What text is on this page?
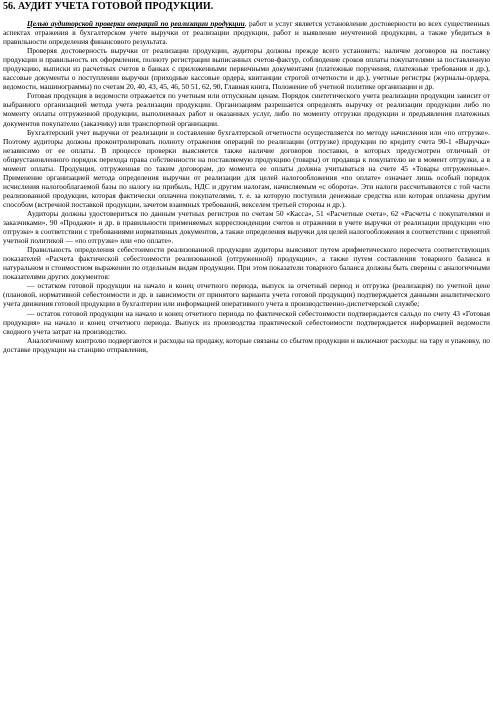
56. АУДИТ УЧЕТА ГОТОВОЙ ПРОДУКЦИИ.

Целью аудиторской проверки операций по реализации продукции, работ и услуг является установление достоверности во всех существенных аспектах отражения в бухгалтерском учете выручки от реализации продукции, работ и выявление неучтенной продукции, а также убедиться в правильности определения финансового результата.

Проверяя достоверность выручки от реализации продукции, аудиторы должны прежде всего установить: наличие договоров на поставку продукции и правильность их оформления, полноту регистрации выписанных счетов-фактур, соблюдение сроков оплаты покупателями за поставленную продукцию, выписки из расчетных счетов в банках с приложенными первичными документами (платежные поручения, платежные требования и др.), кассовые документы о поступлении выручки (приходные кассовые ордера, квитанции строгой отчетности и др.), учетные регистры (журналы-ордера, ведомости, машинограммы) по счетам 20, 40, 43, 45, 46, 50 51, 62, 90, Главная книга, Положение об учетной политике организации и др.

Готовая продукция в ведомости отражается по учетным или отпускным ценам. Порядок синтетического учета реализации продукции зависит от выбранного организацией метода учета реализации продукции. Организациям разрешается определять выручку от реализации продукции либо по моменту оплаты отгруженной продукции, выполненных работ и оказанных услуг, либо по моменту отгрузки продукции и предъявления платежных документов покупателю (заказчику) или транспортной организации.

Бухгалтерский учет выручки от реализации и составление бухгалтерской отчетности осуществляется по методу начисления или «по отгрузке». Поэтому аудиторы должны проконтролировать полноту отражения операций по реализации (отгрузке) продукции по кредиту счета 90-1 «Выручка» независимо от ее оплаты. В процессе проверки выясняется также наличие договоров поставки, в которых предусмотрен отличный от общеустановленного порядок перехода права собственности на поставляемую продукцию (товары) от продавца к покупателю не в момент отгрузки, а в момент оплаты. Продукция, отгруженная по таким договорам, до момента ее оплаты должна учитываться на счете 45 «Товары отгруженные». Применение организацией метода определения выручки от реализации для целей налогообложения «по оплате» означает лишь особый порядок исчисления налогооблагаемой базы по налогу на прибыль, НДС и другим налогам, начисляемым «с оборота». Эти налоги рассчитываются с той части реализованной продукции, которая фактически оплачена покупателями, т. е. за которую поступили денежные средства или которая оплачена другим способом (встречной поставкой продукции, зачетом взаимных требований, векселем третьей стороны и др.).

Аудиторы должны удостовериться по данным учетных регистров по счетам 50 «Касса», 51 «Расчетные счета», 62 «Расчеты с покупателями и заказчиками», 90 «Продажи» и др. в правильности применяемых корреспонденции счетов и отражения в учете выручки от реализации продукции «по отгрузке» в соответствии с требованиями нормативных документов, а также определения выручки для целей налогообложения в соответствии с принятой учетной политикой — «по отгрузке» или «по оплате».

Правильность определения себестоимости реализованной продукции аудиторы выясняют путем арифметического пересчета соответствующих показателей «Расчета фактической себестоимости реализованной (отгруженной) продукции», а также путем составления товарного баланса в натуральном и стоимостном выражении по отдельным видам продукции. При этом показатели товарного баланса должны быть сверены с аналогичными показателями других документов:

— остатком готовой продукции на начало и конец отчетного периода, выпуск за отчетный период и отгрузка (реализация) по учетной цене (плановой, нормативной себестоимости и др. в зависимости от принятого варианта учета готовой продукции) подтверждается данными аналитического учета движения готовой продукции в бухгалтерии или информацией оперативного учета в производственно-диспетчерской службе;

— остаток готовой продукции на начало и конец отчетного периода по фактической себестоимости подтверждается сальдо по счету 43 «Готовая продукция» на начало и конец отчетного периода. Выпуск из производства практической себестоимости подтверждается информацией ведомости сводного учета затрат на производство.

Аналогичному контролю подвергаются и расходы на продажу, которые связаны со сбытом продукции и включают расходы: на тару и упаковку, по доставке продукции на станцию отправления,
